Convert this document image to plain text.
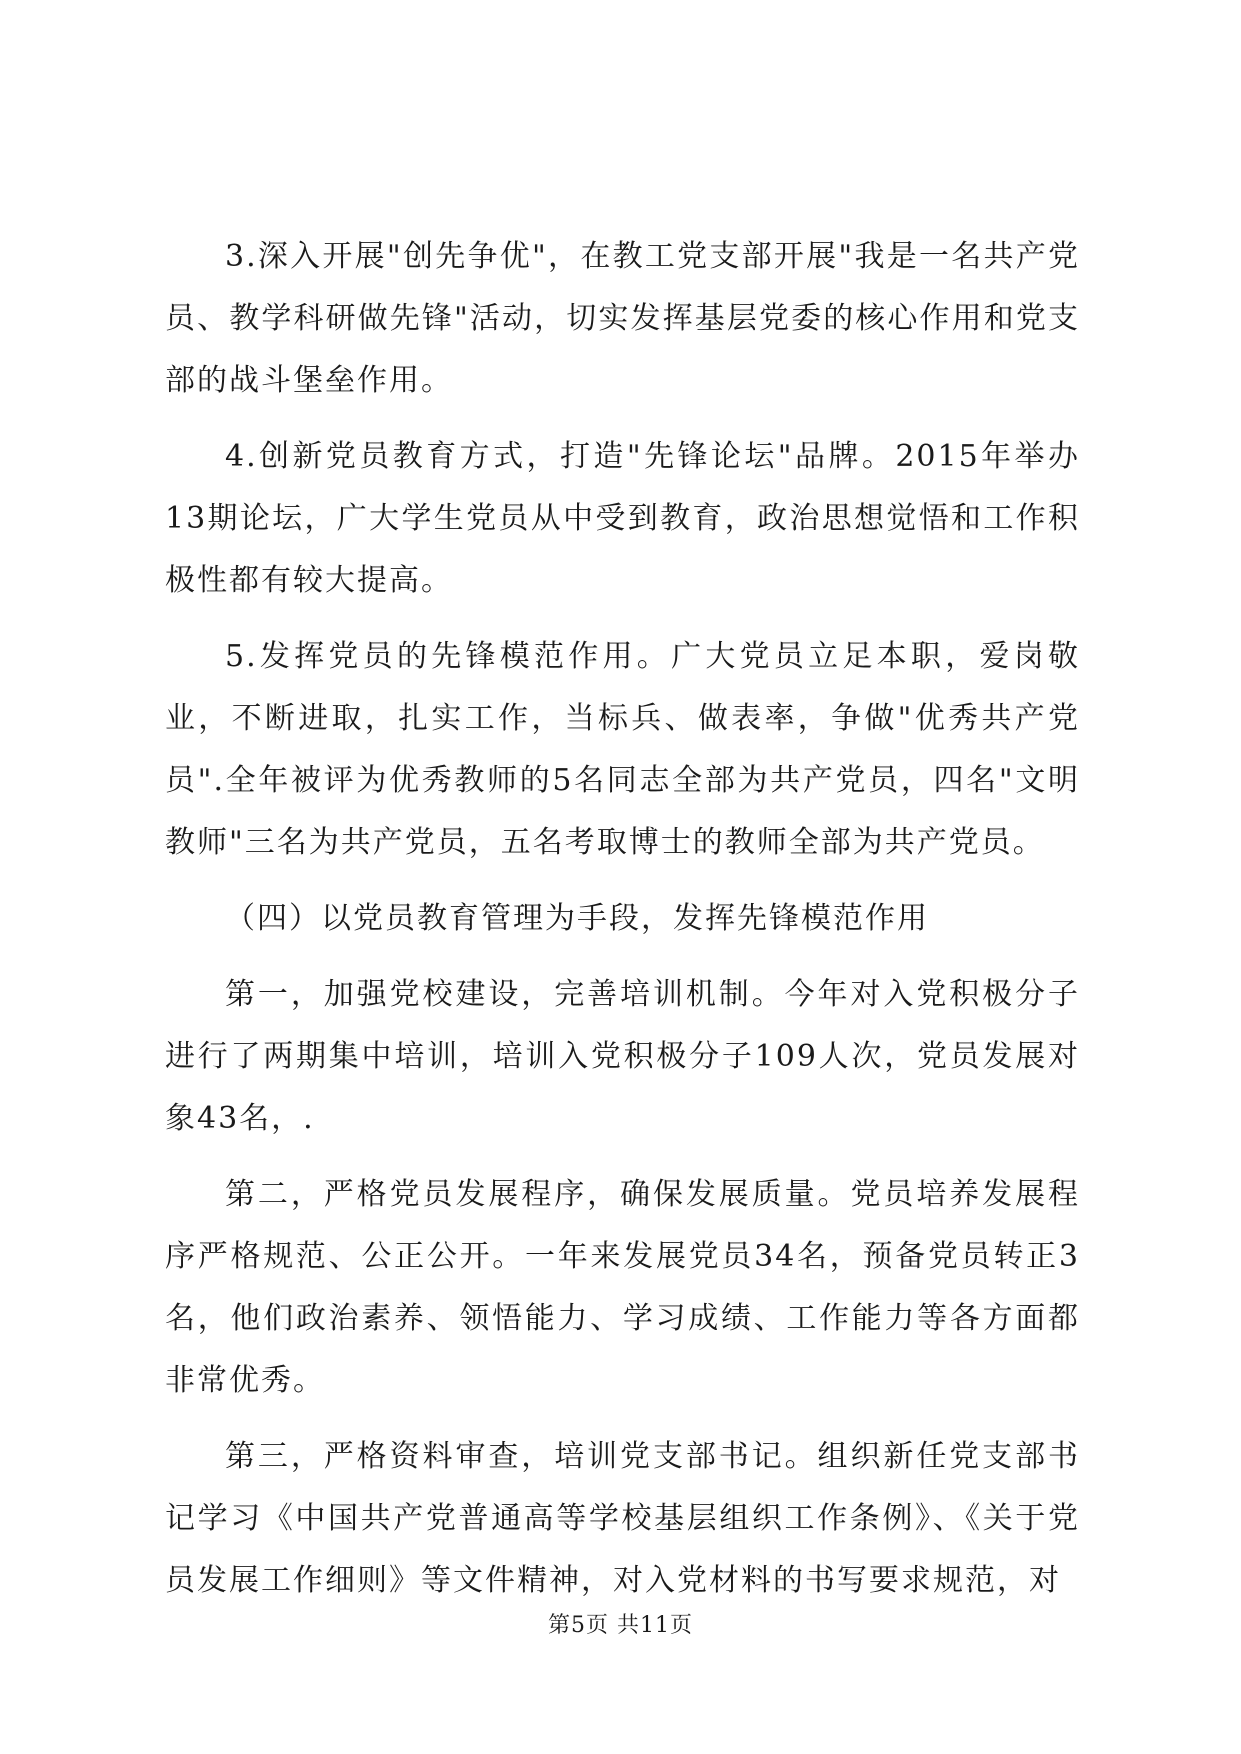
3.深入开展"创先争优"，在教工党支部开展"我是一名共产党员、教学科研做先锋"活动，切实发挥基层党委的核心作用和党支部的战斗堡垒作用。

4.创新党员教育方式，打造"先锋论坛"品牌。2015年举办13期论坛，广大学生党员从中受到教育，政治思想觉悟和工作积极性都有较大提高。

5.发挥党员的先锋模范作用。广大党员立足本职，爱岗敬业，不断进取，扎实工作，当标兵、做表率，争做"优秀共产党员".全年被评为优秀教师的5名同志全部为共产党员，四名"文明教师"三名为共产党员，五名考取博士的教师全部为共产党员。

（四）以党员教育管理为手段，发挥先锋模范作用

第一，加强党校建设，完善培训机制。今年对入党积极分子进行了两期集中培训，培训入党积极分子109人次，党员发展对象43名，.

第二，严格党员发展程序，确保发展质量。党员培养发展程序严格规范、公正公开。一年来发展党员34名，预备党员转正3名，他们政治素养、领悟能力、学习成绩、工作能力等各方面都非常优秀。

第三，严格资料审查，培训党支部书记。组织新任党支部书记学习《中国共产党普通高等学校基层组织工作条例》、《关于党员发展工作细则》等文件精神，对入党材料的书写要求规范，对

第5页 共11页
